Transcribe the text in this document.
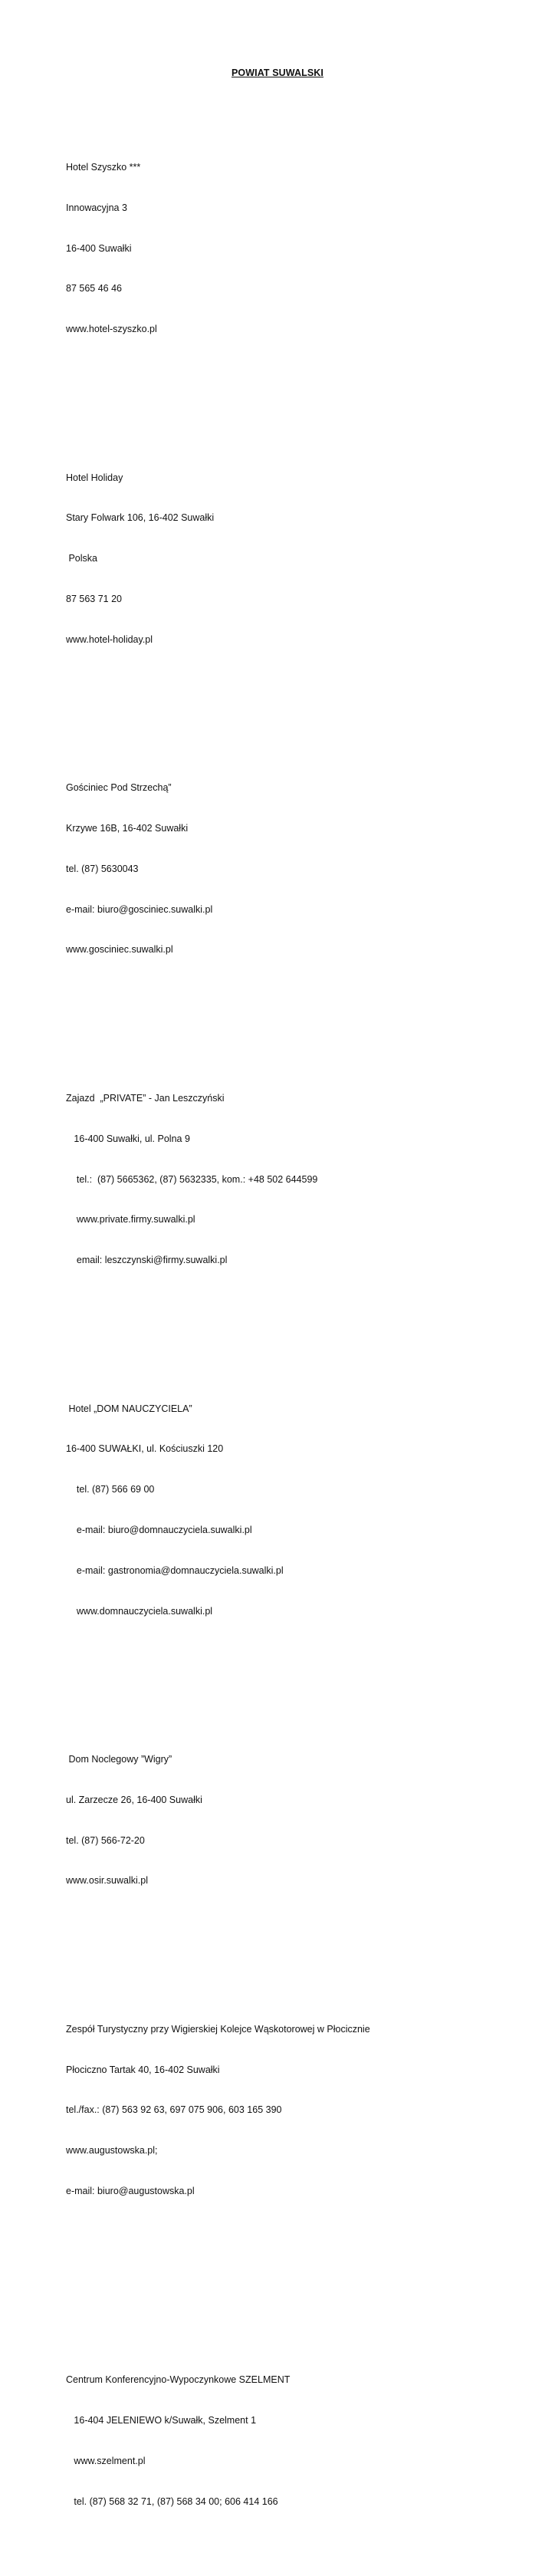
POWIAT SUWALSKI

Hotel Szyszko ***

Innowacyjna 3

16-400 Suwałki

87 565 46 46

www.hotel-szyszko.pl

Hotel Holiday

Stary Folwark 106, 16-402 Suwałki

Polska

87 563 71 20

www.hotel-holiday.pl

Gościniec Pod Strzechą”

Krzywe 16B, 16-402 Suwałki

tel. (87) 5630043

e-mail: biuro@gosciniec.suwalki.pl

www.gosciniec.suwalki.pl

Zajazd  „PRIVATE” - Jan Leszczyński

16-400 Suwałki, ul. Polna 9

tel.:  (87) 5665362, (87) 5632335, kom.: +48 502 644599

www.private.firmy.suwalki.pl

email: leszczynski@firmy.suwalki.pl

Hotel „DOM NAUCZYCIELA”

16-400 SUWAŁKI, ul. Kościuszki 120

tel. (87) 566 69 00

e-mail: biuro@domnauczyciela.suwalki.pl

e-mail: gastronomia@domnauczyciela.suwalki.pl

www.domnauczyciela.suwalki.pl

Dom Noclegowy ”Wigry”

ul. Zarzecze 26, 16-400 Suwałki

tel. (87) 566-72-20

www.osir.suwalki.pl

Zespół Turystyczny przy Wigierskiej Kolejce Wąskotorowej w Płocicznie

Płociczno Tartak 40, 16-402 Suwałki

tel./fax.: (87) 563 92 63, 697 075 906, 603 165 390

www.augustowska.pl;

e-mail: biuro@augustowska.pl

Centrum Konferencyjno-Wypoczynkowe SZELMENT

16-404 JELENIEWO k/Suwałk, Szelment 1

www.szelment.pl

tel. (87) 568 32 71, (87) 568 34 00; 606 414 166
